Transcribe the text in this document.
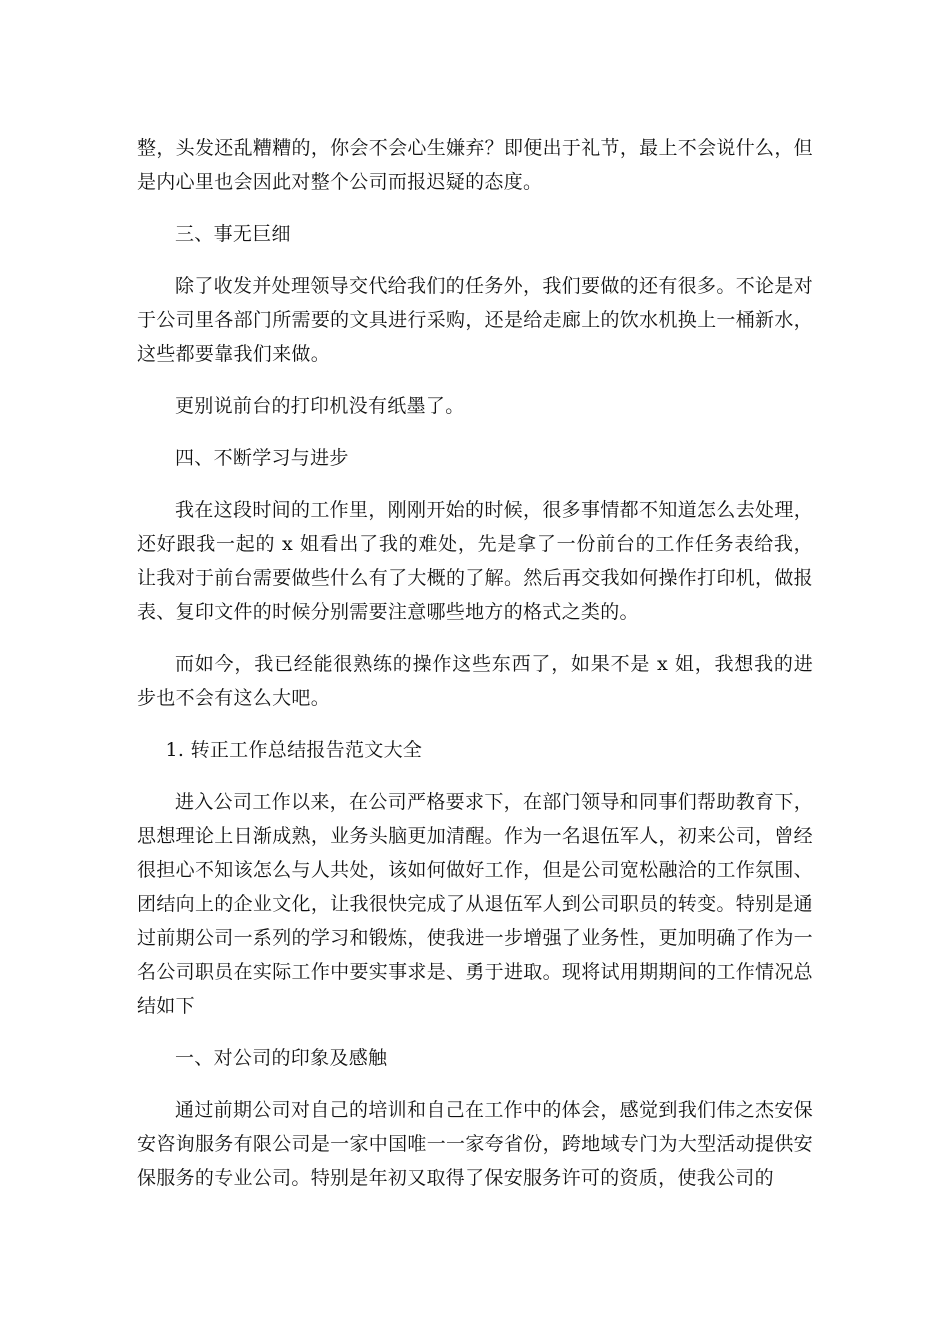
整，头发还乱糟糟的，你会不会心生嫌弃？即便出于礼节，最上不会说什么，但是内心里也会因此对整个公司而报迟疑的态度。

三、事无巨细

除了收发并处理领导交代给我们的任务外，我们要做的还有很多。不论是对于公司里各部门所需要的文具进行采购，还是给走廊上的饮水机换上一桶新水，这些都要靠我们来做。

更别说前台的打印机没有纸墨了。

四、不断学习与进步

我在这段时间的工作里，刚刚开始的时候，很多事情都不知道怎么去处理，还好跟我一起的 x 姐看出了我的难处，先是拿了一份前台的工作任务表给我，让我对于前台需要做些什么有了大概的了解。然后再交我如何操作打印机，做报表、复印文件的时候分别需要注意哪些地方的格式之类的。

而如今，我已经能很熟练的操作这些东西了，如果不是 x 姐，我想我的进步也不会有这么大吧。

1. 转正工作总结报告范文大全

进入公司工作以来，在公司严格要求下，在部门领导和同事们帮助教育下，思想理论上日渐成熟，业务头脑更加清醒。作为一名退伍军人，初来公司，曾经很担心不知该怎么与人共处，该如何做好工作，但是公司宽松融洽的工作氛围、团结向上的企业文化，让我很快完成了从退伍军人到公司职员的转变。特别是通过前期公司一系列的学习和锻炼，使我进一步增强了业务性，更加明确了作为一名公司职员在实际工作中要实事求是、勇于进取。现将试用期期间的工作情况总结如下

一、对公司的印象及感触

通过前期公司对自己的培训和自己在工作中的体会，感觉到我们伟之杰安保安咨询服务有限公司是一家中国唯一一家夸省份，跨地域专门为大型活动提供安保服务的专业公司。特别是年初又取得了保安服务许可的资质，使我公司的
